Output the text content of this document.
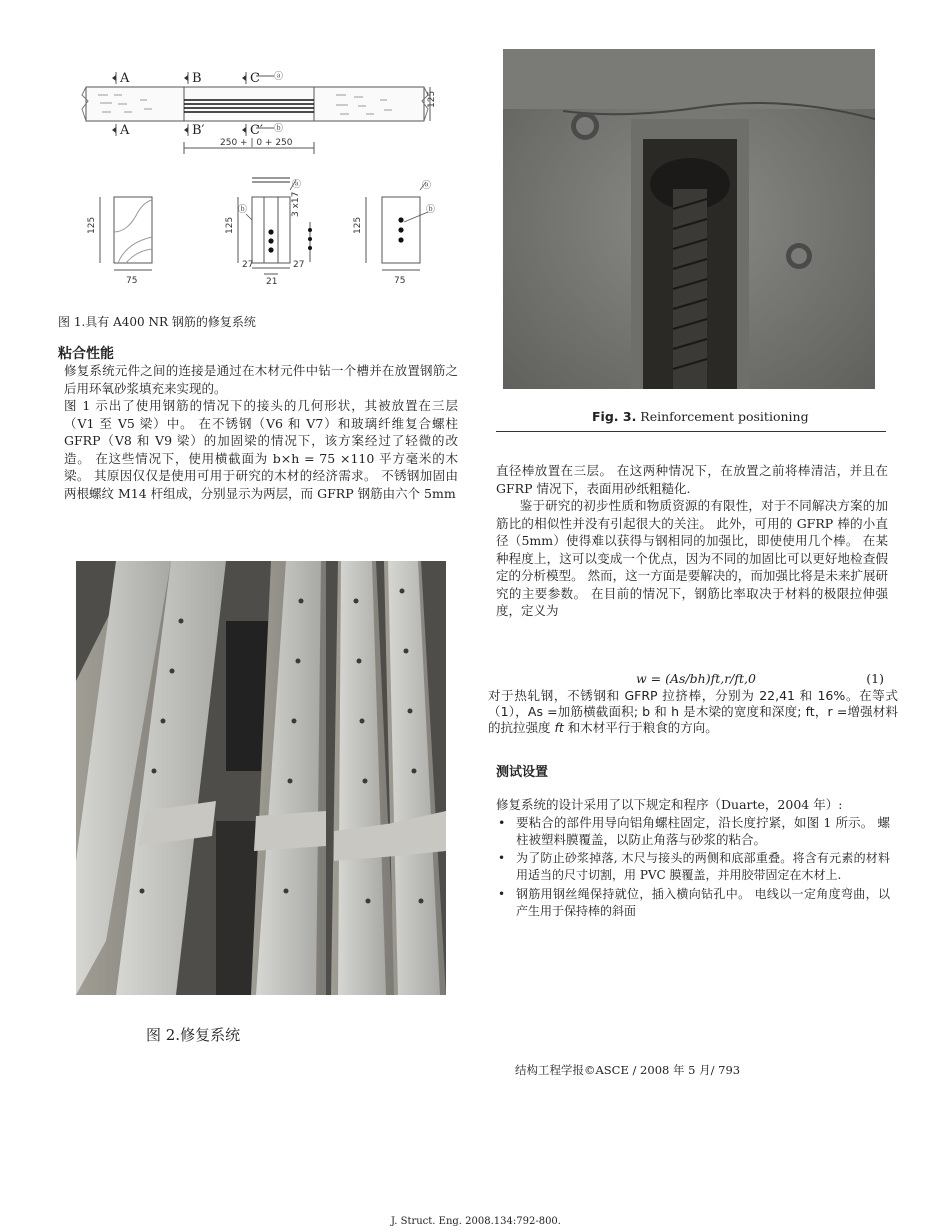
A	B	C
A	B′	C′
ⓐ
ⓑ
125
250 + | 0 + 250
125
75
125
27	27
21
3 x17
125
75
ⓐ
ⓑ
ⓐ
ⓑ
图 1.具有 A400 NR 钢筋的修复系统
粘合性能

修复系统元件之间的连接是通过在木材元件中钻一个槽并在放置钢筋之后用环氧砂浆填充来实现的。

图 1 示出了使用钢筋的情况下的接头的几何形状，其被放置在三层（V1 至 V5 梁）中。 在不锈钢（V6 和 V7）和玻璃纤维复合螺柱 GFRP（V8 和 V9 梁）的加固梁的情况下，该方案经过了轻微的改造。 在这些情况下，使用横截面为 b×h = 75 ×110 平方毫米的木梁。 其原因仅仅是使用可用于研究的木材的经济需求。 不锈钢加固由两根螺纹 M14 杆组成，分别显示为两层，而 GFRP 钢筋由六个 5mm

图 2.修复系统
Fig. 3. Reinforcement positioning

直径棒放置在三层。 在这两种情况下，在放置之前将棒清洁，并且在 GFRP 情况下，表面用砂纸粗糙化.

鉴于研究的初步性质和物质资源的有限性，对于不同解决方案的加筋比的相似性并没有引起很大的关注。 此外，可用的 GFRP 棒的小直径（5mm）使得难以获得与钢相同的加强比，即使使用几个棒。 在某种程度上，这可以变成一个优点，因为不同的加固比可以更好地检查假定的分析模型。 然而，这一方面是要解决的，而加强比将是未来扩展研究的主要参数。 在目前的情况下，钢筋比率取决于材料的极限拉伸强度，定义为

w = (As/bh)ft,r/ft,0	(1)
对于热轧钢，不锈钢和 GFRP 拉挤棒，分别为 22,41 和 16%。在等式 （1），As =加筋横截面积; b 和 h 是木梁的宽度和深度; ft，r =增强材料的抗拉强度 ft 和木材平行于粮食的方向。
测试设置

修复系统的设计采用了以下规定和程序（Duarte，2004 年）:

• 要粘合的部件用导向铝角螺柱固定，沿长度拧紧，如图 1 所示。 螺柱被塑料膜覆盖，以防止角落与砂浆的粘合。
• 为了防止砂浆掉落, 木尺与接头的两侧和底部重叠。将含有元素的材料用适当的尺寸切割，用 PVC 膜覆盖，并用胶带固定在木材上.
• 钢筋用钢丝绳保持就位，插入横向钻孔中。 电线以一定角度弯曲，以产生用于保持棒的斜面
结构工程学报©ASCE / 2008 年 5 月/ 793
J. Struct. Eng. 2008.134:792-800.
